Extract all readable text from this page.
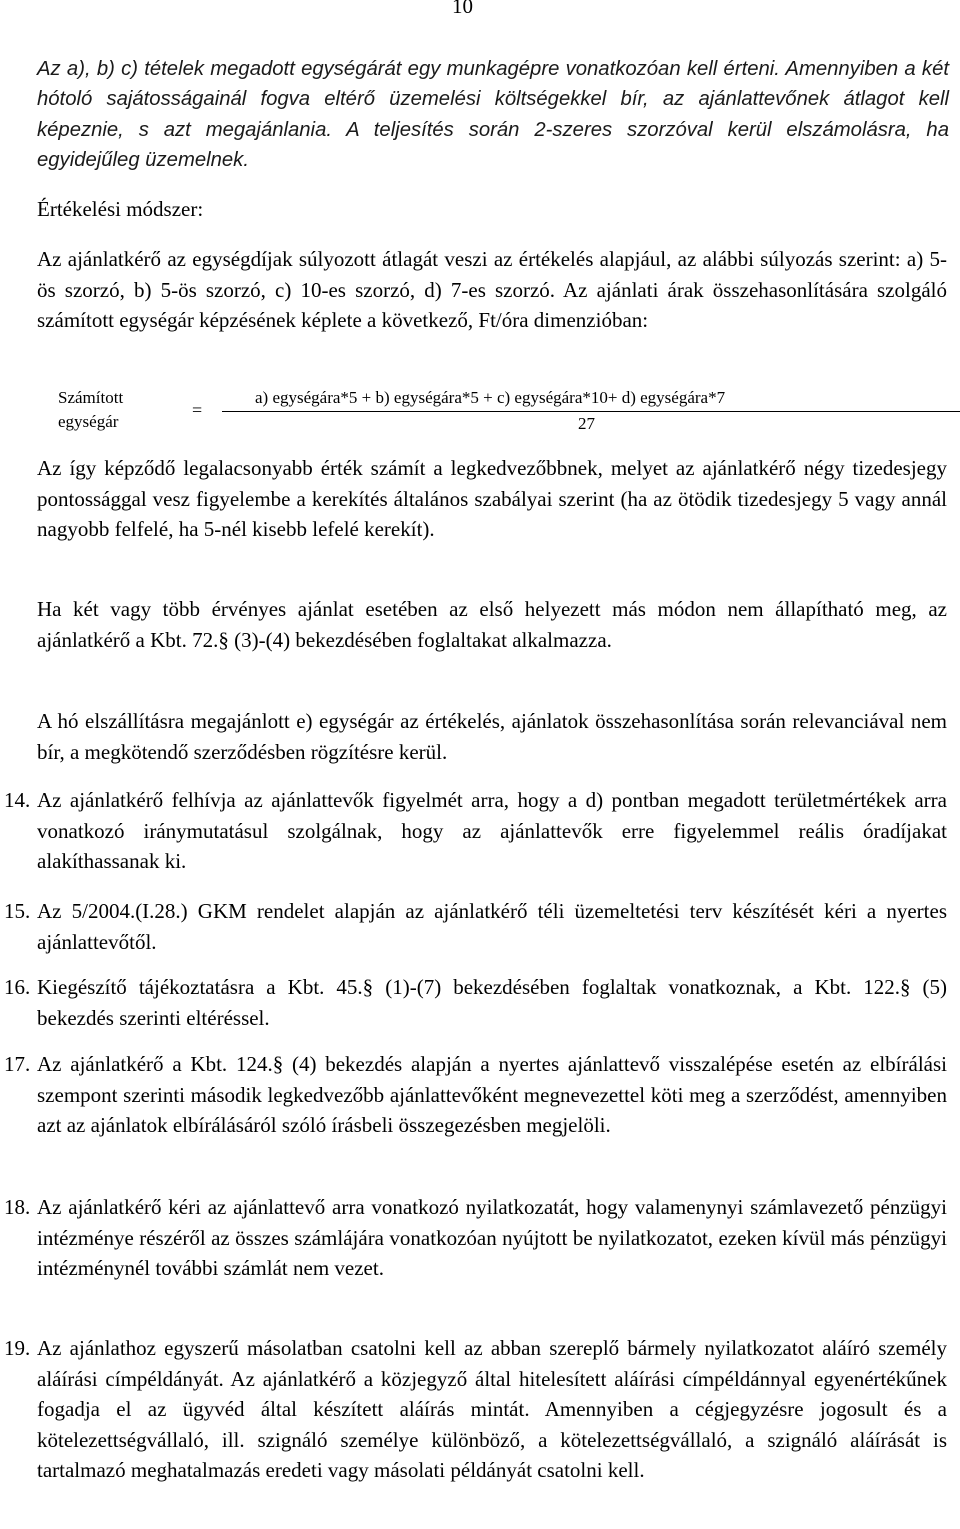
10
Az a), b) c) tételek megadott egységárát egy munkagépre vonatkozóan kell érteni. Amennyiben a két hótoló sajátosságainál fogva eltérő üzemelési költségekkel bír, az ajánlattevőnek átlagot kell képeznie, s azt megajánlania. A teljesítés során 2-szeres szorzóval kerül elszámolásra, ha egyidejűleg üzemelnek.
Értékelési módszer:
Az ajánlatkérő az egységdíjak súlyozott átlagát veszi az értékelés alapjául, az alábbi súlyozás szerint: a) 5-ös szorzó, b) 5-ös szorzó, c) 10-es szorzó, d) 7-es szorzó. Az ajánlati árak összehasonlítására szolgáló számított egységár képzésének képlete a következő, Ft/óra dimenzióban:
Számított
egységár
=
a) egységára*5 + b) egységára*5 + c) egységára*10+ d) egységára*7
27
Az így képződő legalacsonyabb érték számít a legkedvezőbbnek, melyet az ajánlatkérő négy tizedesjegy pontossággal vesz figyelembe a kerekítés általános szabályai szerint (ha az ötödik tizedesjegy 5 vagy annál nagyobb felfelé, ha 5-nél kisebb lefelé kerekít).
Ha két vagy több érvényes ajánlat esetében az első helyezett más módon nem állapítható meg, az ajánlatkérő a Kbt. 72.§ (3)-(4) bekezdésében foglaltakat alkalmazza.
A hó elszállításra megajánlott e) egységár az értékelés, ajánlatok összehasonlítása során relevanciával nem bír, a megkötendő szerződésben rögzítésre kerül.
14. Az ajánlatkérő felhívja az ajánlattevők figyelmét arra, hogy a d) pontban megadott területmértékek arra vonatkozó iránymutatásul szolgálnak, hogy az ajánlattevők erre figyelemmel reális óradíjakat alakíthassanak ki.
15. Az 5/2004.(I.28.) GKM rendelet alapján az ajánlatkérő téli üzemeltetési terv készítését kéri a nyertes ajánlattevőtől.
16. Kiegészítő tájékoztatásra a Kbt. 45.§ (1)-(7) bekezdésében foglaltak vonatkoznak, a Kbt. 122.§ (5) bekezdés szerinti eltéréssel.
17. Az ajánlatkérő a Kbt. 124.§ (4) bekezdés alapján a nyertes ajánlattevő visszalépése esetén az elbírálási szempont szerinti második legkedvezőbb ajánlattevőként megnevezettel köti meg a szerződést, amennyiben azt az ajánlatok elbírálásáról szóló írásbeli összegezésben megjelöli.
18. Az ajánlatkérő kéri az ajánlattevő arra vonatkozó nyilatkozatát, hogy valamenynyi számlavezető pénzügyi intézménye részéről az összes számlájára vonatkozóan nyújtott be nyilatkozatot, ezeken kívül más pénzügyi intézménynél további számlát nem vezet.
19. Az ajánlathoz egyszerű másolatban csatolni kell az abban szereplő bármely nyilatkozatot aláíró személy aláírási címpéldányát. Az ajánlatkérő a közjegyző által hitelesített aláírási címpéldánnyal egyenértékűnek fogadja el az ügyvéd által készített aláírás mintát. Amennyiben a cégjegyzésre jogosult és a kötelezettségvállaló, ill. szignáló személye különböző, a kötelezettségvállaló, a szignáló aláírását is tartalmazó meghatalmazás eredeti vagy másolati példányát csatolni kell.
